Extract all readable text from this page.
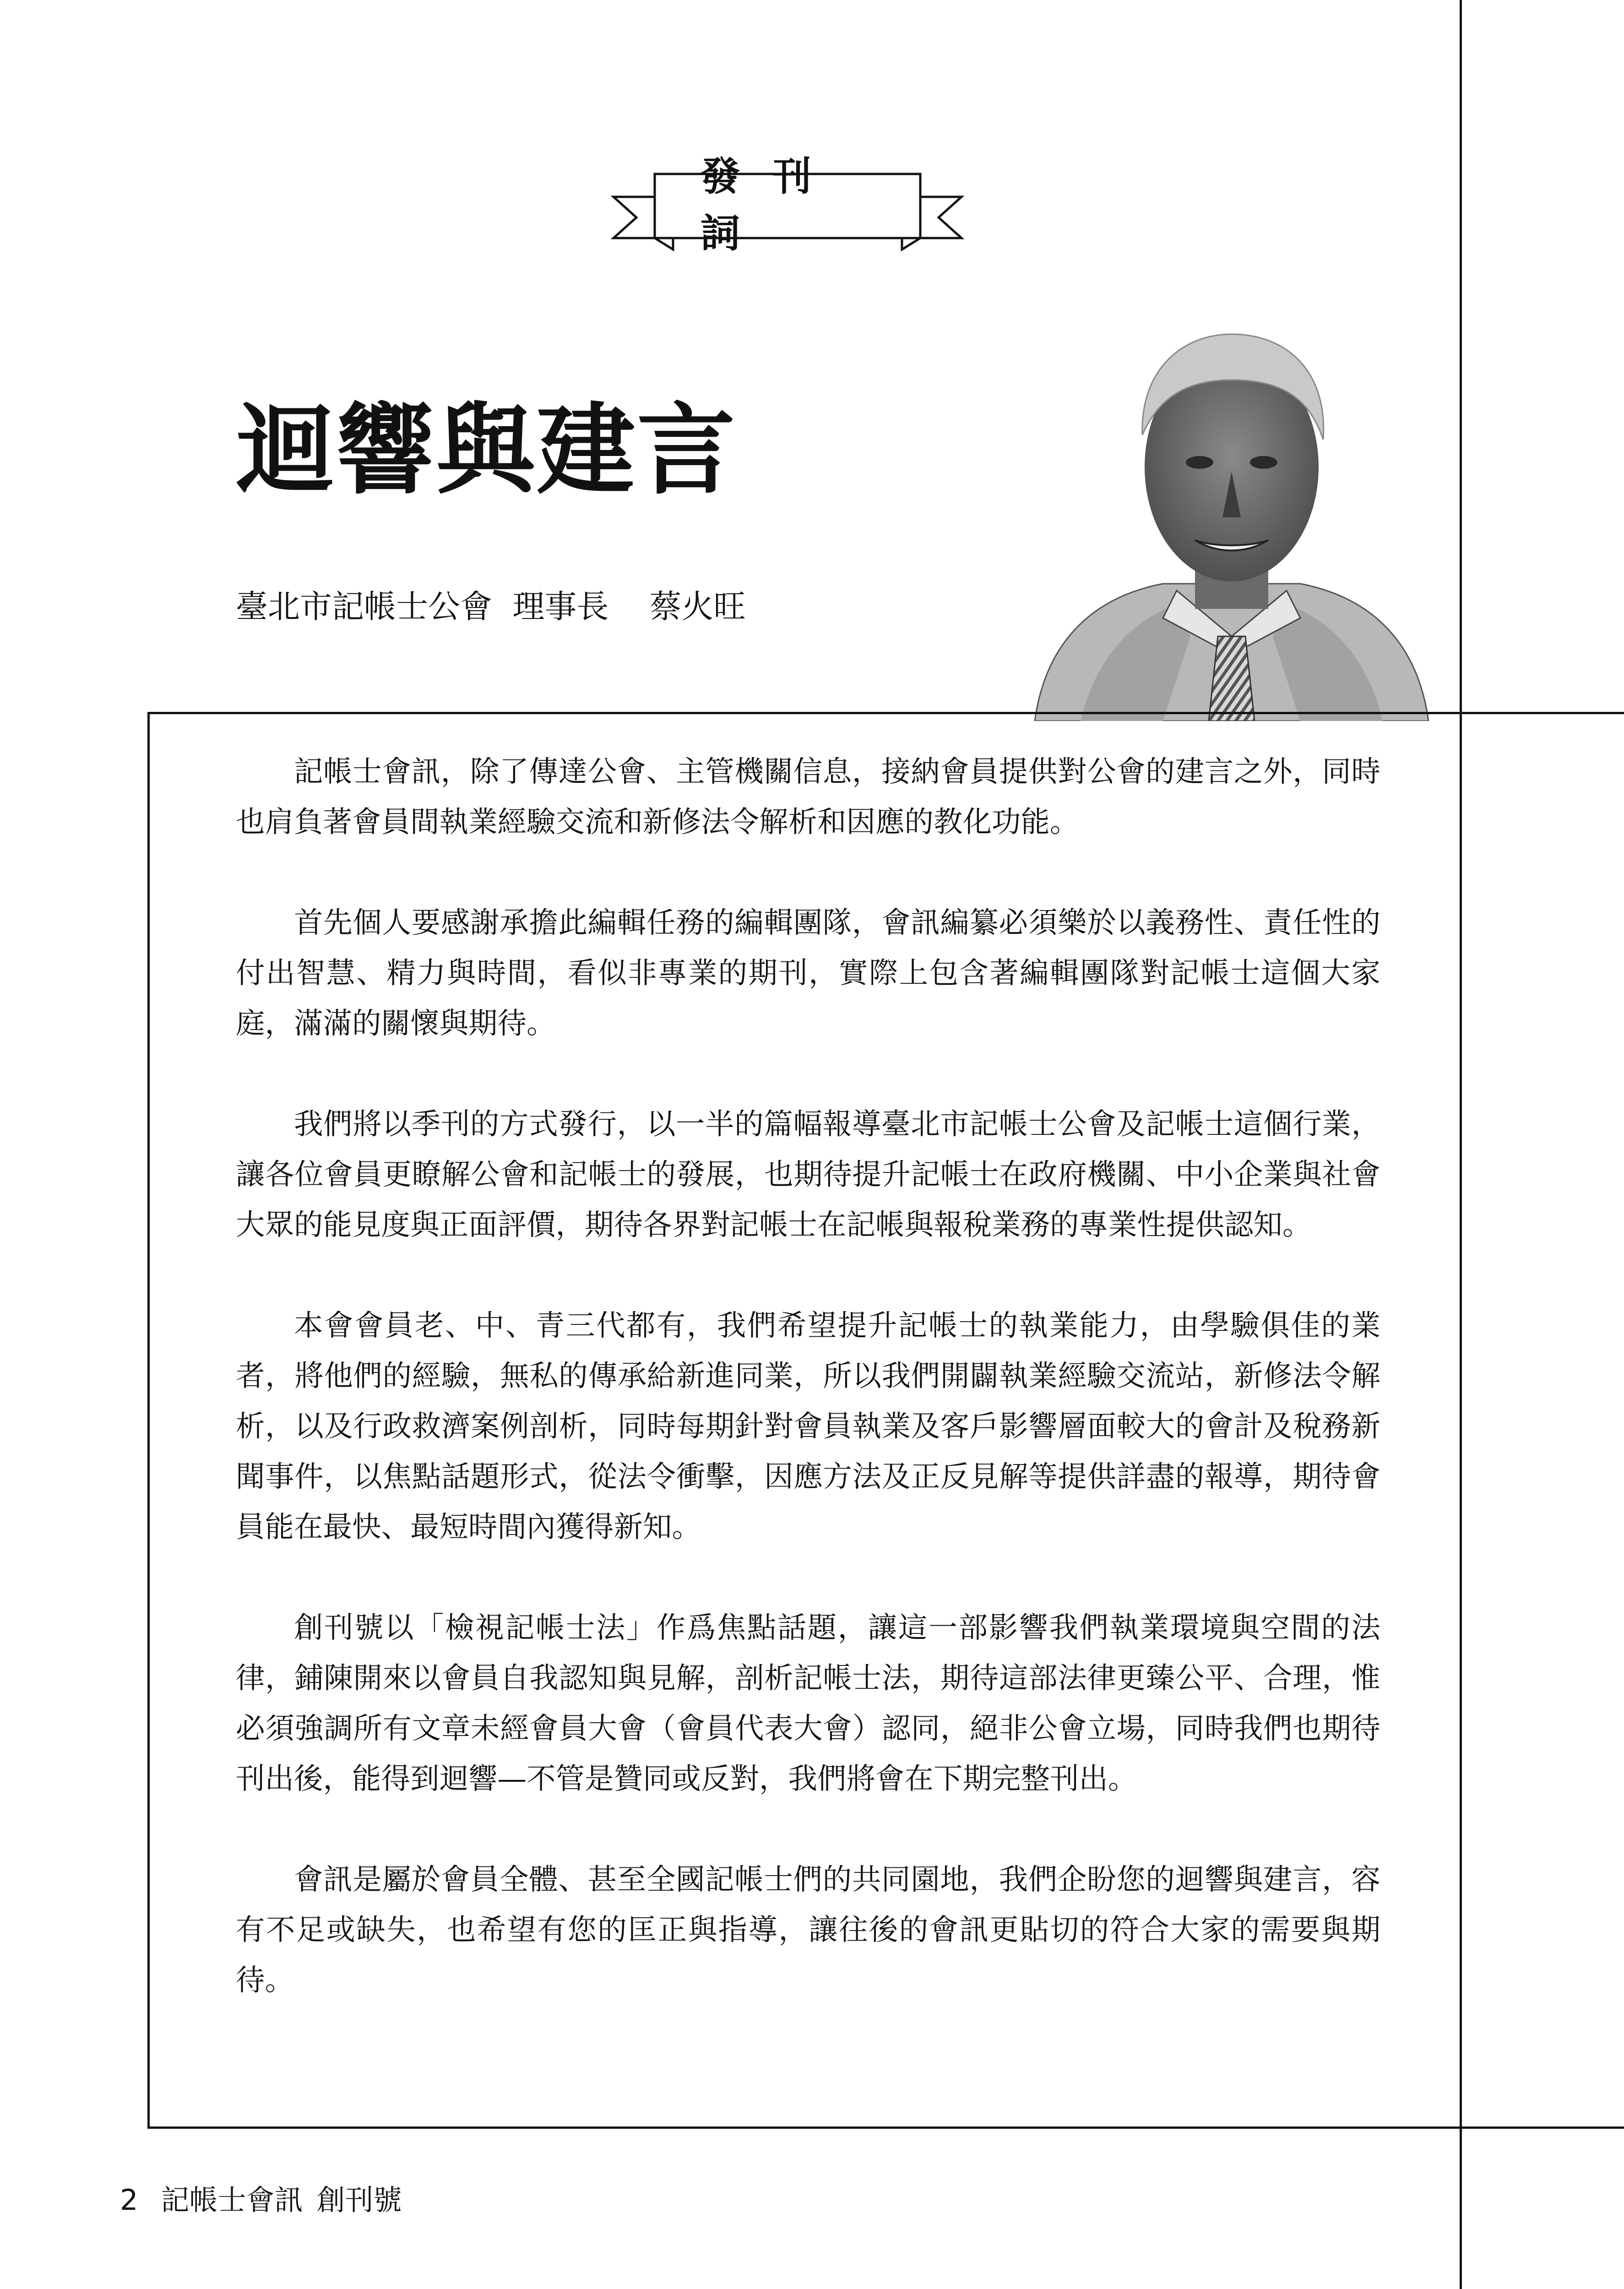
發刊詞
迴響與建言
臺北市記帳士公會 理事長 蔡火旺

記帳士會訊，除了傳達公會、主管機關信息，接納會員提供對公會的建言之外，同時也肩負著會員間執業經驗交流和新修法令解析和因應的教化功能。

首先個人要感謝承擔此編輯任務的編輯團隊，會訊編纂必須樂於以義務性、責任性的付出智慧、精力與時間，看似非專業的期刊，實際上包含著編輯團隊對記帳士這個大家庭，滿滿的關懷與期待。

我們將以季刊的方式發行，以一半的篇幅報導臺北市記帳士公會及記帳士這個行業，讓各位會員更瞭解公會和記帳士的發展，也期待提升記帳士在政府機關、中小企業與社會大眾的能見度與正面評價，期待各界對記帳士在記帳與報稅業務的專業性提供認知。

本會會員老、中、青三代都有，我們希望提升記帳士的執業能力，由學驗俱佳的業者，將他們的經驗，無私的傳承給新進同業，所以我們開闢執業經驗交流站，新修法令解析，以及行政救濟案例剖析，同時每期針對會員執業及客戶影響層面較大的會計及稅務新聞事件，以焦點話題形式，從法令衝擊，因應方法及正反見解等提供詳盡的報導，期待會員能在最快、最短時間內獲得新知。

創刊號以「檢視記帳士法」作爲焦點話題，讓這一部影響我們執業環境與空間的法律，鋪陳開來以會員自我認知與見解，剖析記帳士法，期待這部法律更臻公平、合理，惟必須強調所有文章未經會員大會（會員代表大會）認同，絕非公會立場，同時我們也期待刊出後，能得到迴響—不管是贊同或反對，我們將會在下期完整刊出。

會訊是屬於會員全體、甚至全國記帳士們的共同園地，我們企盼您的迴響與建言，容有不足或缺失，也希望有您的匡正與指導，讓往後的會訊更貼切的符合大家的需要與期待。

2 記帳士會訊 創刊號
